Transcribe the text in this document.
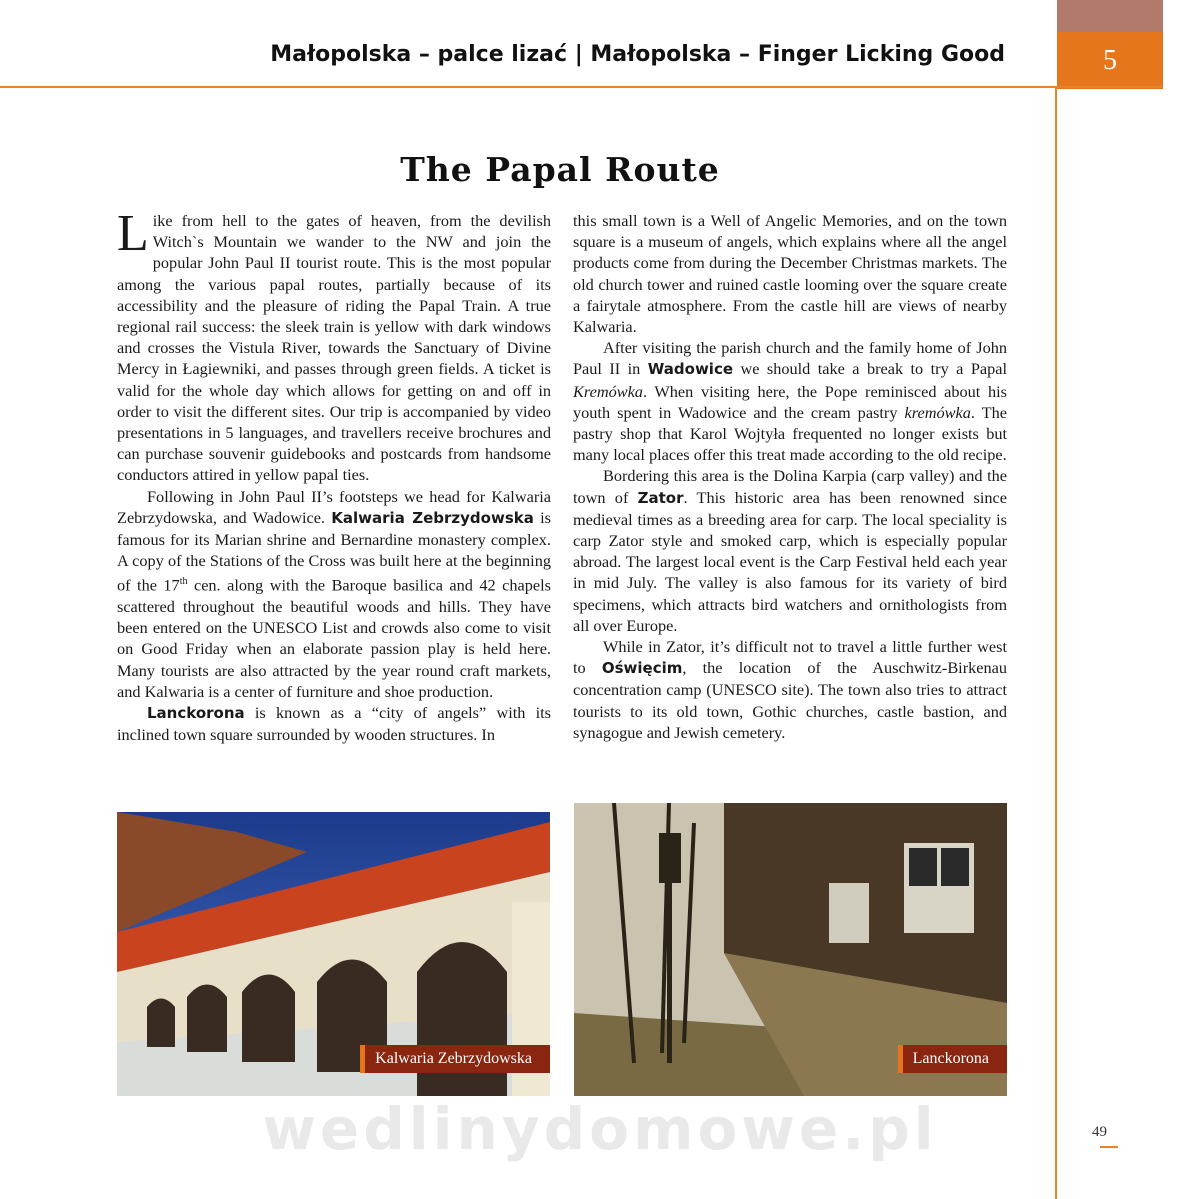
5
Małopolska – palce lizać | Małopolska – Finger Licking Good
The Papal Route

Like from hell to the gates of heaven, from the devilish Witch`s Mountain we wander to the NW and join the popular John Paul II tourist route. This is the most popular among the various papal routes, partially because of its accessibility and the pleasure of riding the Papal Train. A true regional rail success: the sleek train is yellow with dark windows and crosses the Vistula River, towards the Sanctuary of Divine Mercy in Łagiewniki, and passes through green fields. A ticket is valid for the whole day which allows for getting on and off in order to visit the different sites. Our trip is accompanied by video presentations in 5 languages, and travellers receive brochures and can purchase souvenir guidebooks and postcards from handsome conductors attired in yellow papal ties.

Following in John Paul II’s footsteps we head for Kalwaria Zebrzydowska, and Wadowice. Kalwaria Zebrzydowska is famous for its Marian shrine and Bernardine monastery complex. A copy of the Stations of the Cross was built here at the beginning of the 17th cen. along with the Baroque basilica and 42 chapels scattered throughout the beautiful woods and hills. They have been entered on the UNESCO List and crowds also come to visit on Good Friday when an elaborate passion play is held here. Many tourists are also attracted by the year round craft markets, and Kalwaria is a center of furniture and shoe production.

Lanckorona is known as a “city of angels” with its inclined town square surrounded by wooden structures. In

this small town is a Well of Angelic Memories, and on the town square is a museum of angels, which explains where all the angel products come from during the December Christmas markets. The old church tower and ruined castle looming over the square create a fairytale atmosphere. From the castle hill are views of nearby Kalwaria.

After visiting the parish church and the family home of John Paul II in Wadowice we should take a break to try a Papal Kremówka. When visiting here, the Pope reminisced about his youth spent in Wadowice and the cream pastry kremówka. The pastry shop that Karol Wojtyła frequented no longer exists but many local places offer this treat made according to the old recipe.

Bordering this area is the Dolina Karpia (carp valley) and the town of Zator. This historic area has been renowned since medieval times as a breeding area for carp. The local speciality is carp Zator style and smoked carp, which is especially popular abroad. The largest local event is the Carp Festival held each year in mid July. The valley is also famous for its variety of bird specimens, which attracts bird watchers and ornithologists from all over Europe.

While in Zator, it’s difficult not to travel a little further west to Oświęcim, the location of the Auschwitz-Birkenau concentration camp (UNESCO site). The town also tries to attract tourists to its old town, Gothic churches, castle bastion, and synagogue and Jewish cemetery.

Kalwaria Zebrzydowska	Lanckorona
wedlinydomowe.pl	49
